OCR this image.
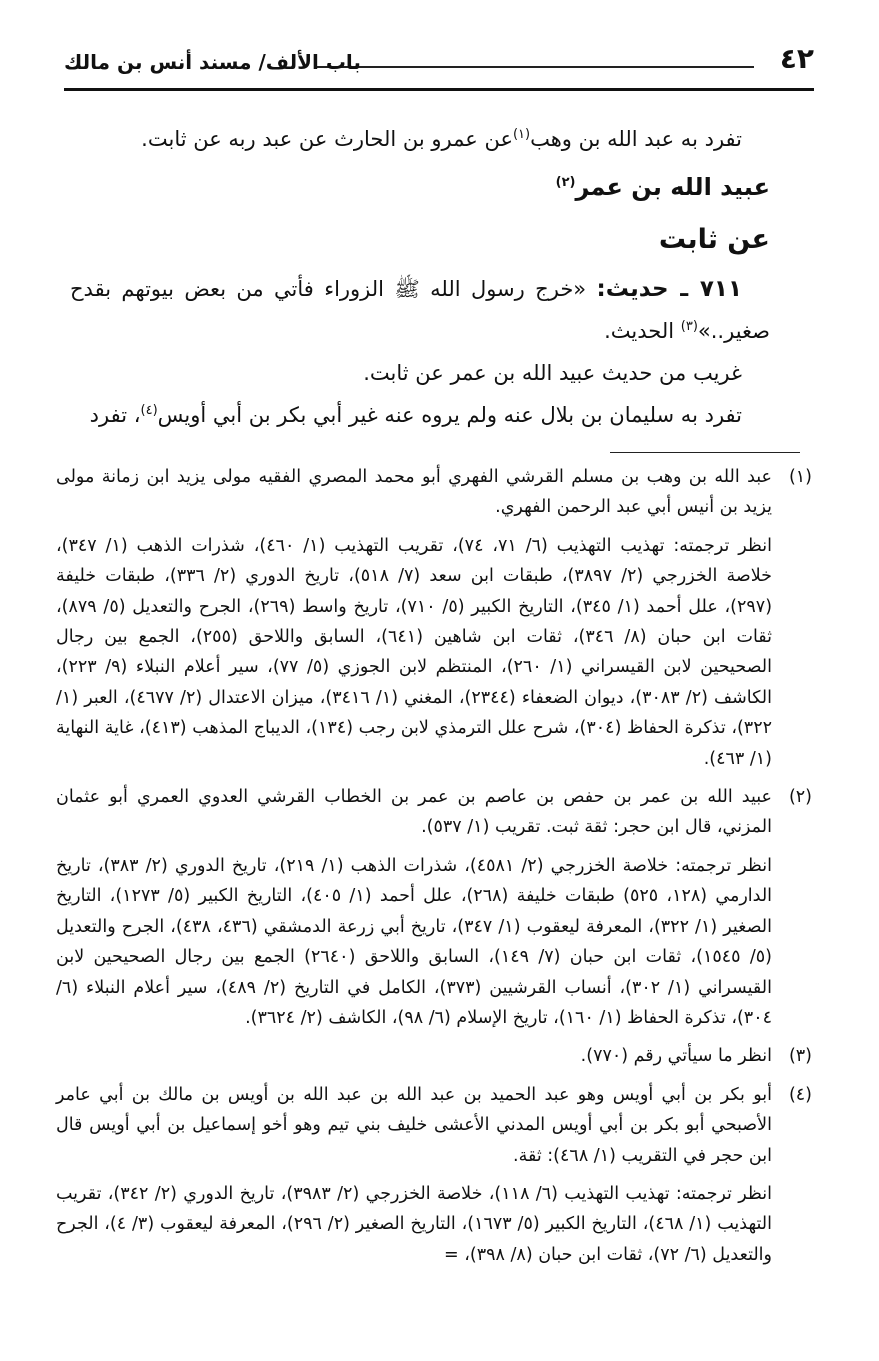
٤٢
باب الألف/ مسند أنس بن مالك

تفرد به عبد الله بن وهب$^{(١)}$عن عمرو بن الحارث عن عبد ربه عن ثابت.

عبيد الله بن عمر$^{(٢)}$

عن ثابت

٧١١ ـ حديث: «خرج رسول الله ﷺ الزوراء فأتي من بعض بيوتهم بقدح صغير..»$^{(٣)}$ الحديث.

غريب من حديث عبيد الله بن عمر عن ثابت.

تفرد به سليمان بن بلال عنه ولم يروه عنه غير أبي بكر بن أبي أويس$^{(٤)}$، تفرد

(١)

عبد الله بن وهب بن مسلم القرشي الفهري أبو محمد المصري الفقيه مولى يزيد ابن زمانة مولى يزيد بن أنيس أبي عبد الرحمن الفهري.

انظر ترجمته: تهذيب التهذيب (٦/ ٧١، ٧٤)، تقريب التهذيب (١/ ٤٦٠)، شذرات الذهب (١/ ٣٤٧)، خلاصة الخزرجي (٢/ ٣٨٩٧)، طبقات ابن سعد (٧/ ٥١٨)، تاريخ الدوري (٢/ ٣٣٦)، طبقات خليفة (٢٩٧)، علل أحمد (١/ ٣٤٥)، التاريخ الكبير (٥/ ٧١٠)، تاريخ واسط (٢٦٩)، الجرح والتعديل (٥/ ٨٧٩)، ثقات ابن حبان (٨/ ٣٤٦)، ثقات ابن شاهين (٦٤١)، السابق واللاحق (٢٥٥)، الجمع بين رجال الصحيحين لابن القيسراني (١/ ٢٦٠)، المنتظم لابن الجوزي (٥/ ٧٧)، سير أعلام النبلاء (٩/ ٢٢٣)، الكاشف (٢/ ٣٠٨٣)، ديوان الضعفاء (٢٣٤٤)، المغني (١/ ٣٤١٦)، ميزان الاعتدال (٢/ ٤٦٧٧)، العبر (١/ ٣٢٢)، تذكرة الحفاظ (٣٠٤)، شرح علل الترمذي لابن رجب (١٣٤)، الديباج المذهب (٤١٣)، غاية النهاية (١/ ٤٦٣).

(٢)

عبيد الله بن عمر بن حفص بن عاصم بن عمر بن الخطاب القرشي العدوي العمري أبو عثمان المزني، قال ابن حجر: ثقة ثبت. تقريب (١/ ٥٣٧).

انظر ترجمته: خلاصة الخزرجي (٢/ ٤٥٨١)، شذرات الذهب (١/ ٢١٩)، تاريخ الدوري (٢/ ٣٨٣)، تاريخ الدارمي (١٢٨، ٥٢٥) طبقات خليفة (٢٦٨)، علل أحمد (١/ ٤٠٥)، التاريخ الكبير (٥/ ١٢٧٣)، التاريخ الصغير (١/ ٣٢٢)، المعرفة ليعقوب (١/ ٣٤٧)، تاريخ أبي زرعة الدمشقي (٤٣٦، ٤٣٨)، الجرح والتعديل (٥/ ١٥٤٥)، ثقات ابن حبان (٧/ ١٤٩)، السابق واللاحق (٢٦٤٠) الجمع بين رجال الصحيحين لابن القيسراني (١/ ٣٠٢)، أنساب القرشيين (٣٧٣)، الكامل في التاريخ (٢/ ٤٨٩)، سير أعلام النبلاء (٦/ ٣٠٤)، تذكرة الحفاظ (١/ ١٦٠)، تاريخ الإسلام (٦/ ٩٨)، الكاشف (٢/ ٣٦٢٤).

(٣)

انظر ما سيأتي رقم (٧٧٠).

(٤)

أبو بكر بن أبي أويس وهو عبد الحميد بن عبد الله بن عبد الله بن أويس بن مالك بن أبي عامر الأصبحي أبو بكر بن أبي أويس المدني الأعشى خليف بني تيم وهو أخو إسماعيل بن أبي أويس قال ابن حجر في التقريب (١/ ٤٦٨): ثقة.

انظر ترجمته: تهذيب التهذيب (٦/ ١١٨)، خلاصة الخزرجي (٢/ ٣٩٨٣)، تاريخ الدوري (٢/ ٣٤٢)، تقريب التهذيب (١/ ٤٦٨)، التاريخ الكبير (٥/ ١٦٧٣)، التاريخ الصغير (٢/ ٢٩٦)، المعرفة ليعقوب (٣/ ٤)، الجرح والتعديل (٦/ ٧٢)، ثقات ابن حبان (٨/ ٣٩٨)، =
